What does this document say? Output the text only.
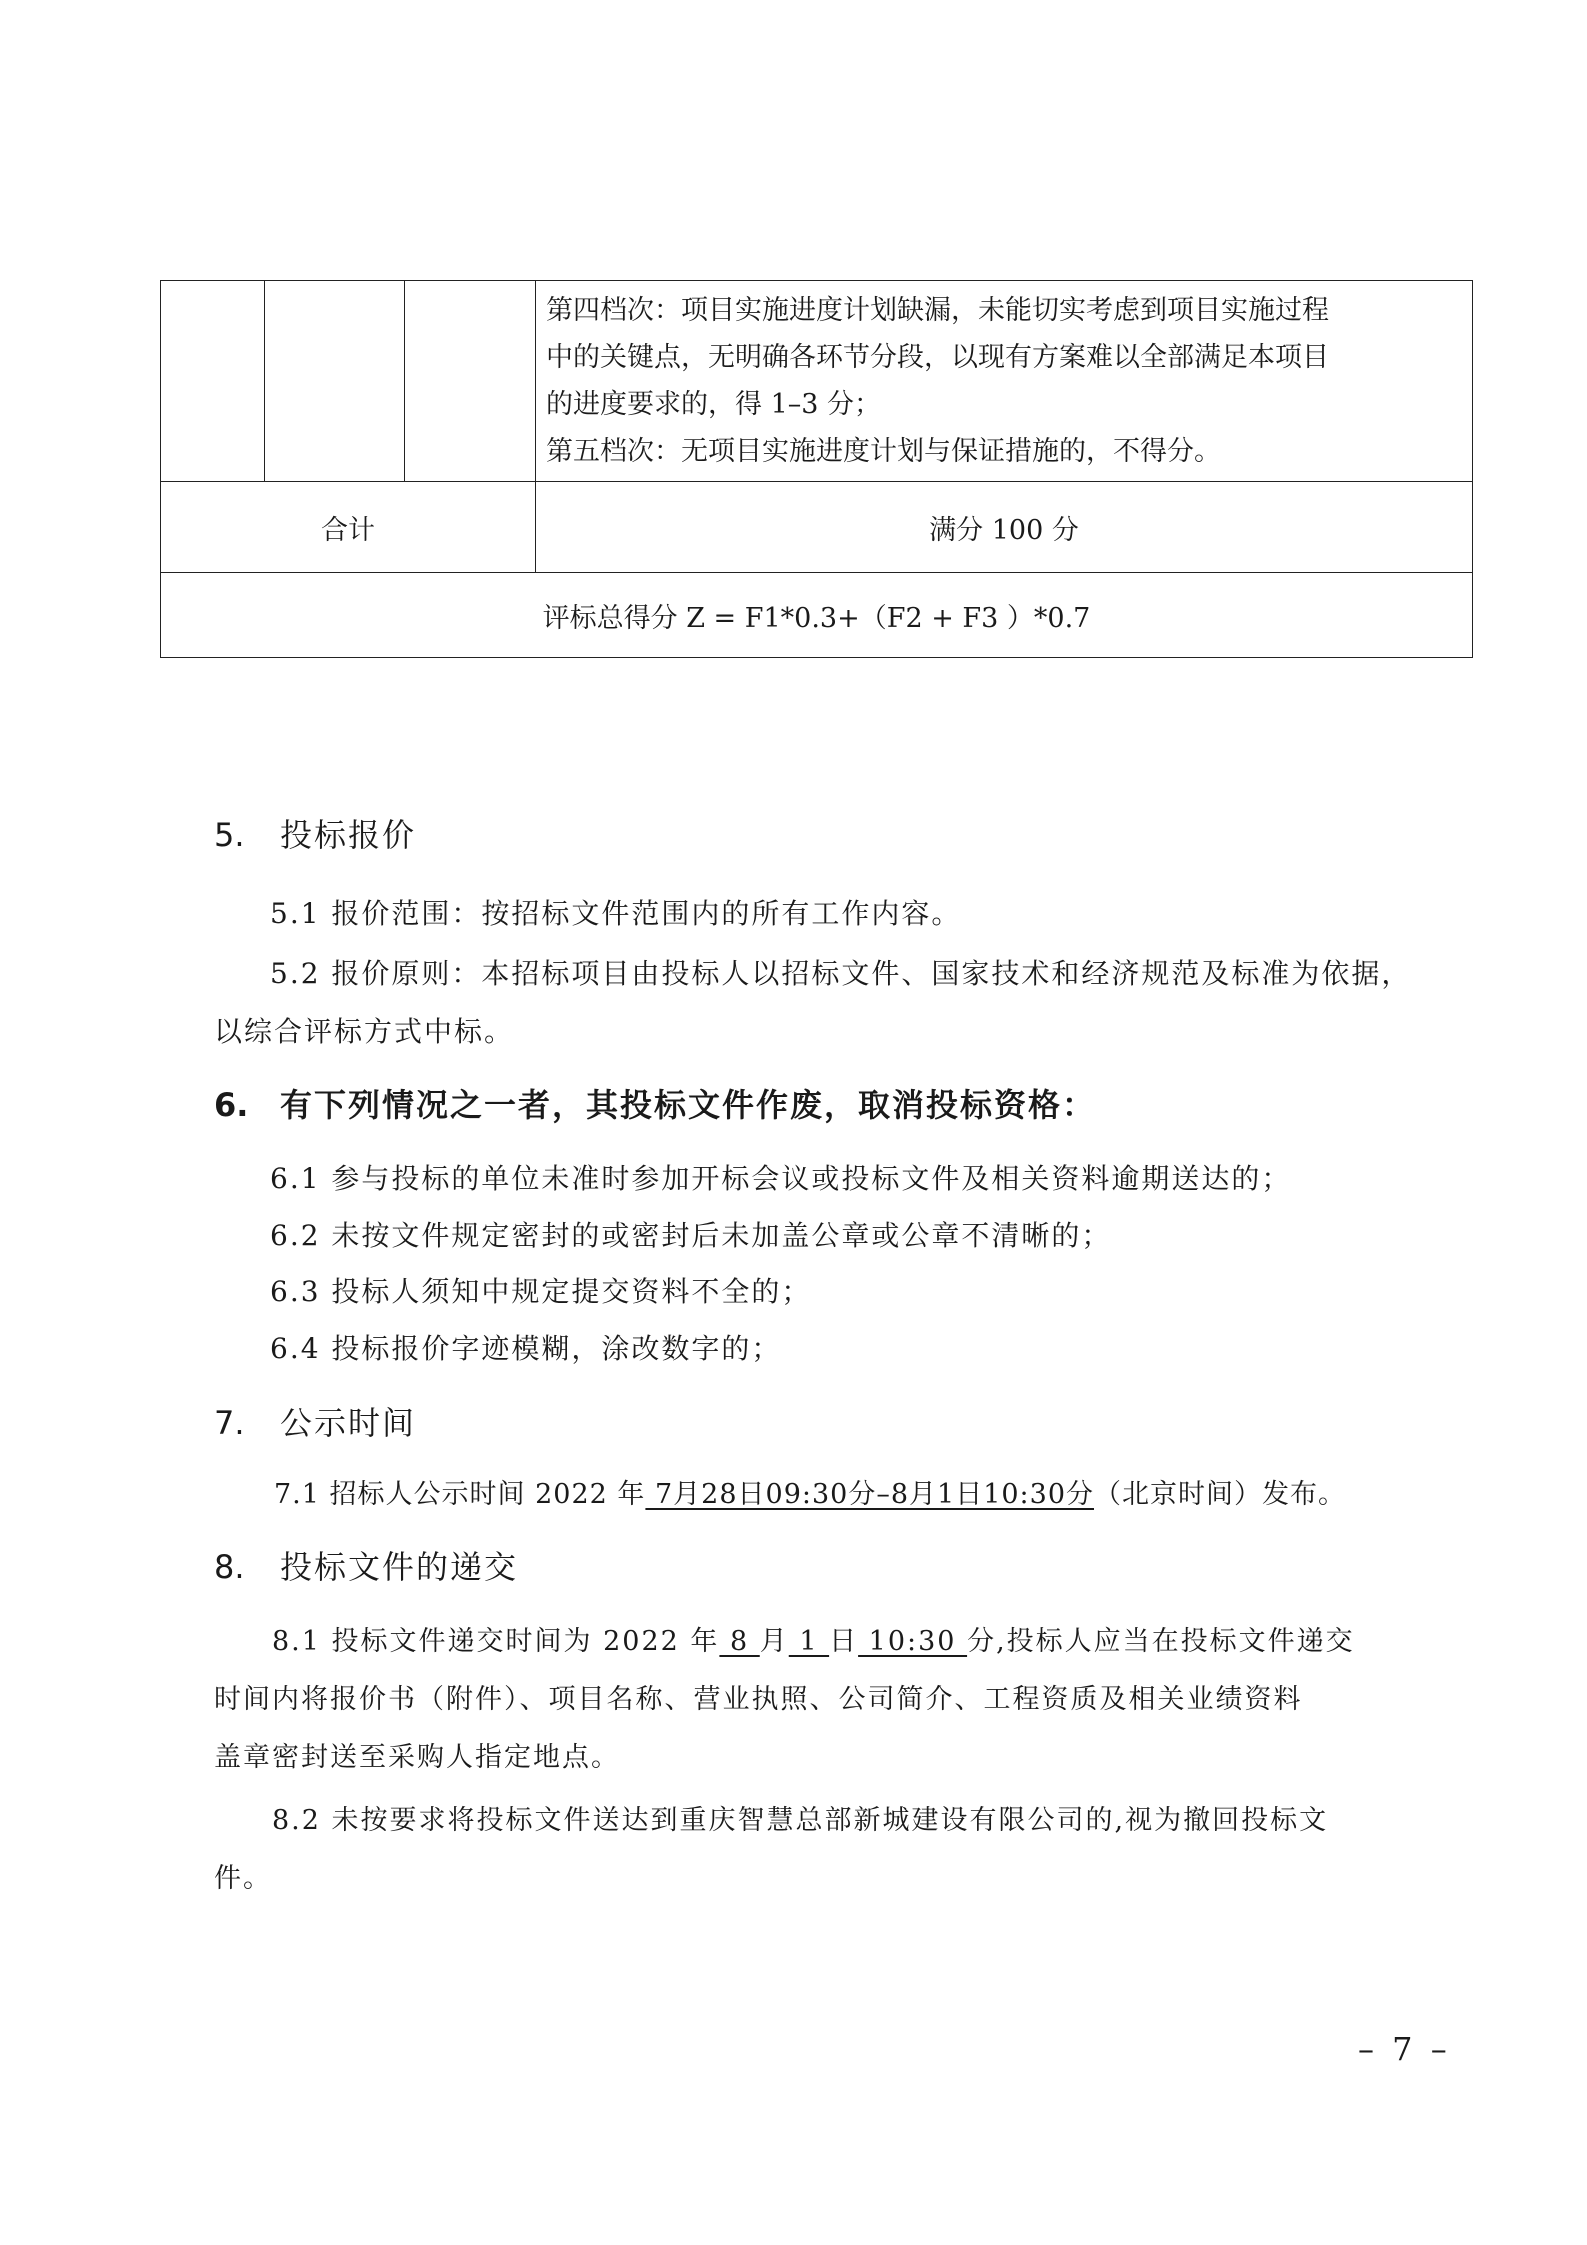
			第四档次：项目实施进度计划缺漏，未能切实考虑到项目实施过程
中的关键点，无明确各环节分段，以现有方案难以全部满足本项目
的进度要求的，得 1–3 分；
第五档次：无项目实施进度计划与保证措施的，不得分。

合计			满分 100 分
评标总得分 Z = F1*0.3+（F2 + F3 ）*0.7			
5. 投标报价
5.1 报价范围：按招标文件范围内的所有工作内容。
5.2 报价原则：本招标项目由投标人以招标文件、国家技术和经济规范及标准为依据，
以综合评标方式中标。
6. 有下列情况之一者，其投标文件作废，取消投标资格：
6.1 参与投标的单位未准时参加开标会议或投标文件及相关资料逾期送达的；
6.2 未按文件规定密封的或密封后未加盖公章或公章不清晰的；
6.3 投标人须知中规定提交资料不全的；
6.4 投标报价字迹模糊，涂改数字的；
7. 公示时间
7.1 招标人公示时间 2022 年 7月28日09:30分–8月1日10:30分（北京时间）发布。
8. 投标文件的递交
8.1 投标文件递交时间为 2022 年 8 月 1 日 10:30 分,投标人应当在投标文件递交
时间内将报价书（附件）、项目名称、营业执照、公司简介、工程资质及相关业绩资料
盖章密封送至采购人指定地点。
8.2 未按要求将投标文件送达到重庆智慧总部新城建设有限公司的,视为撤回投标文
件。
– 7 –
